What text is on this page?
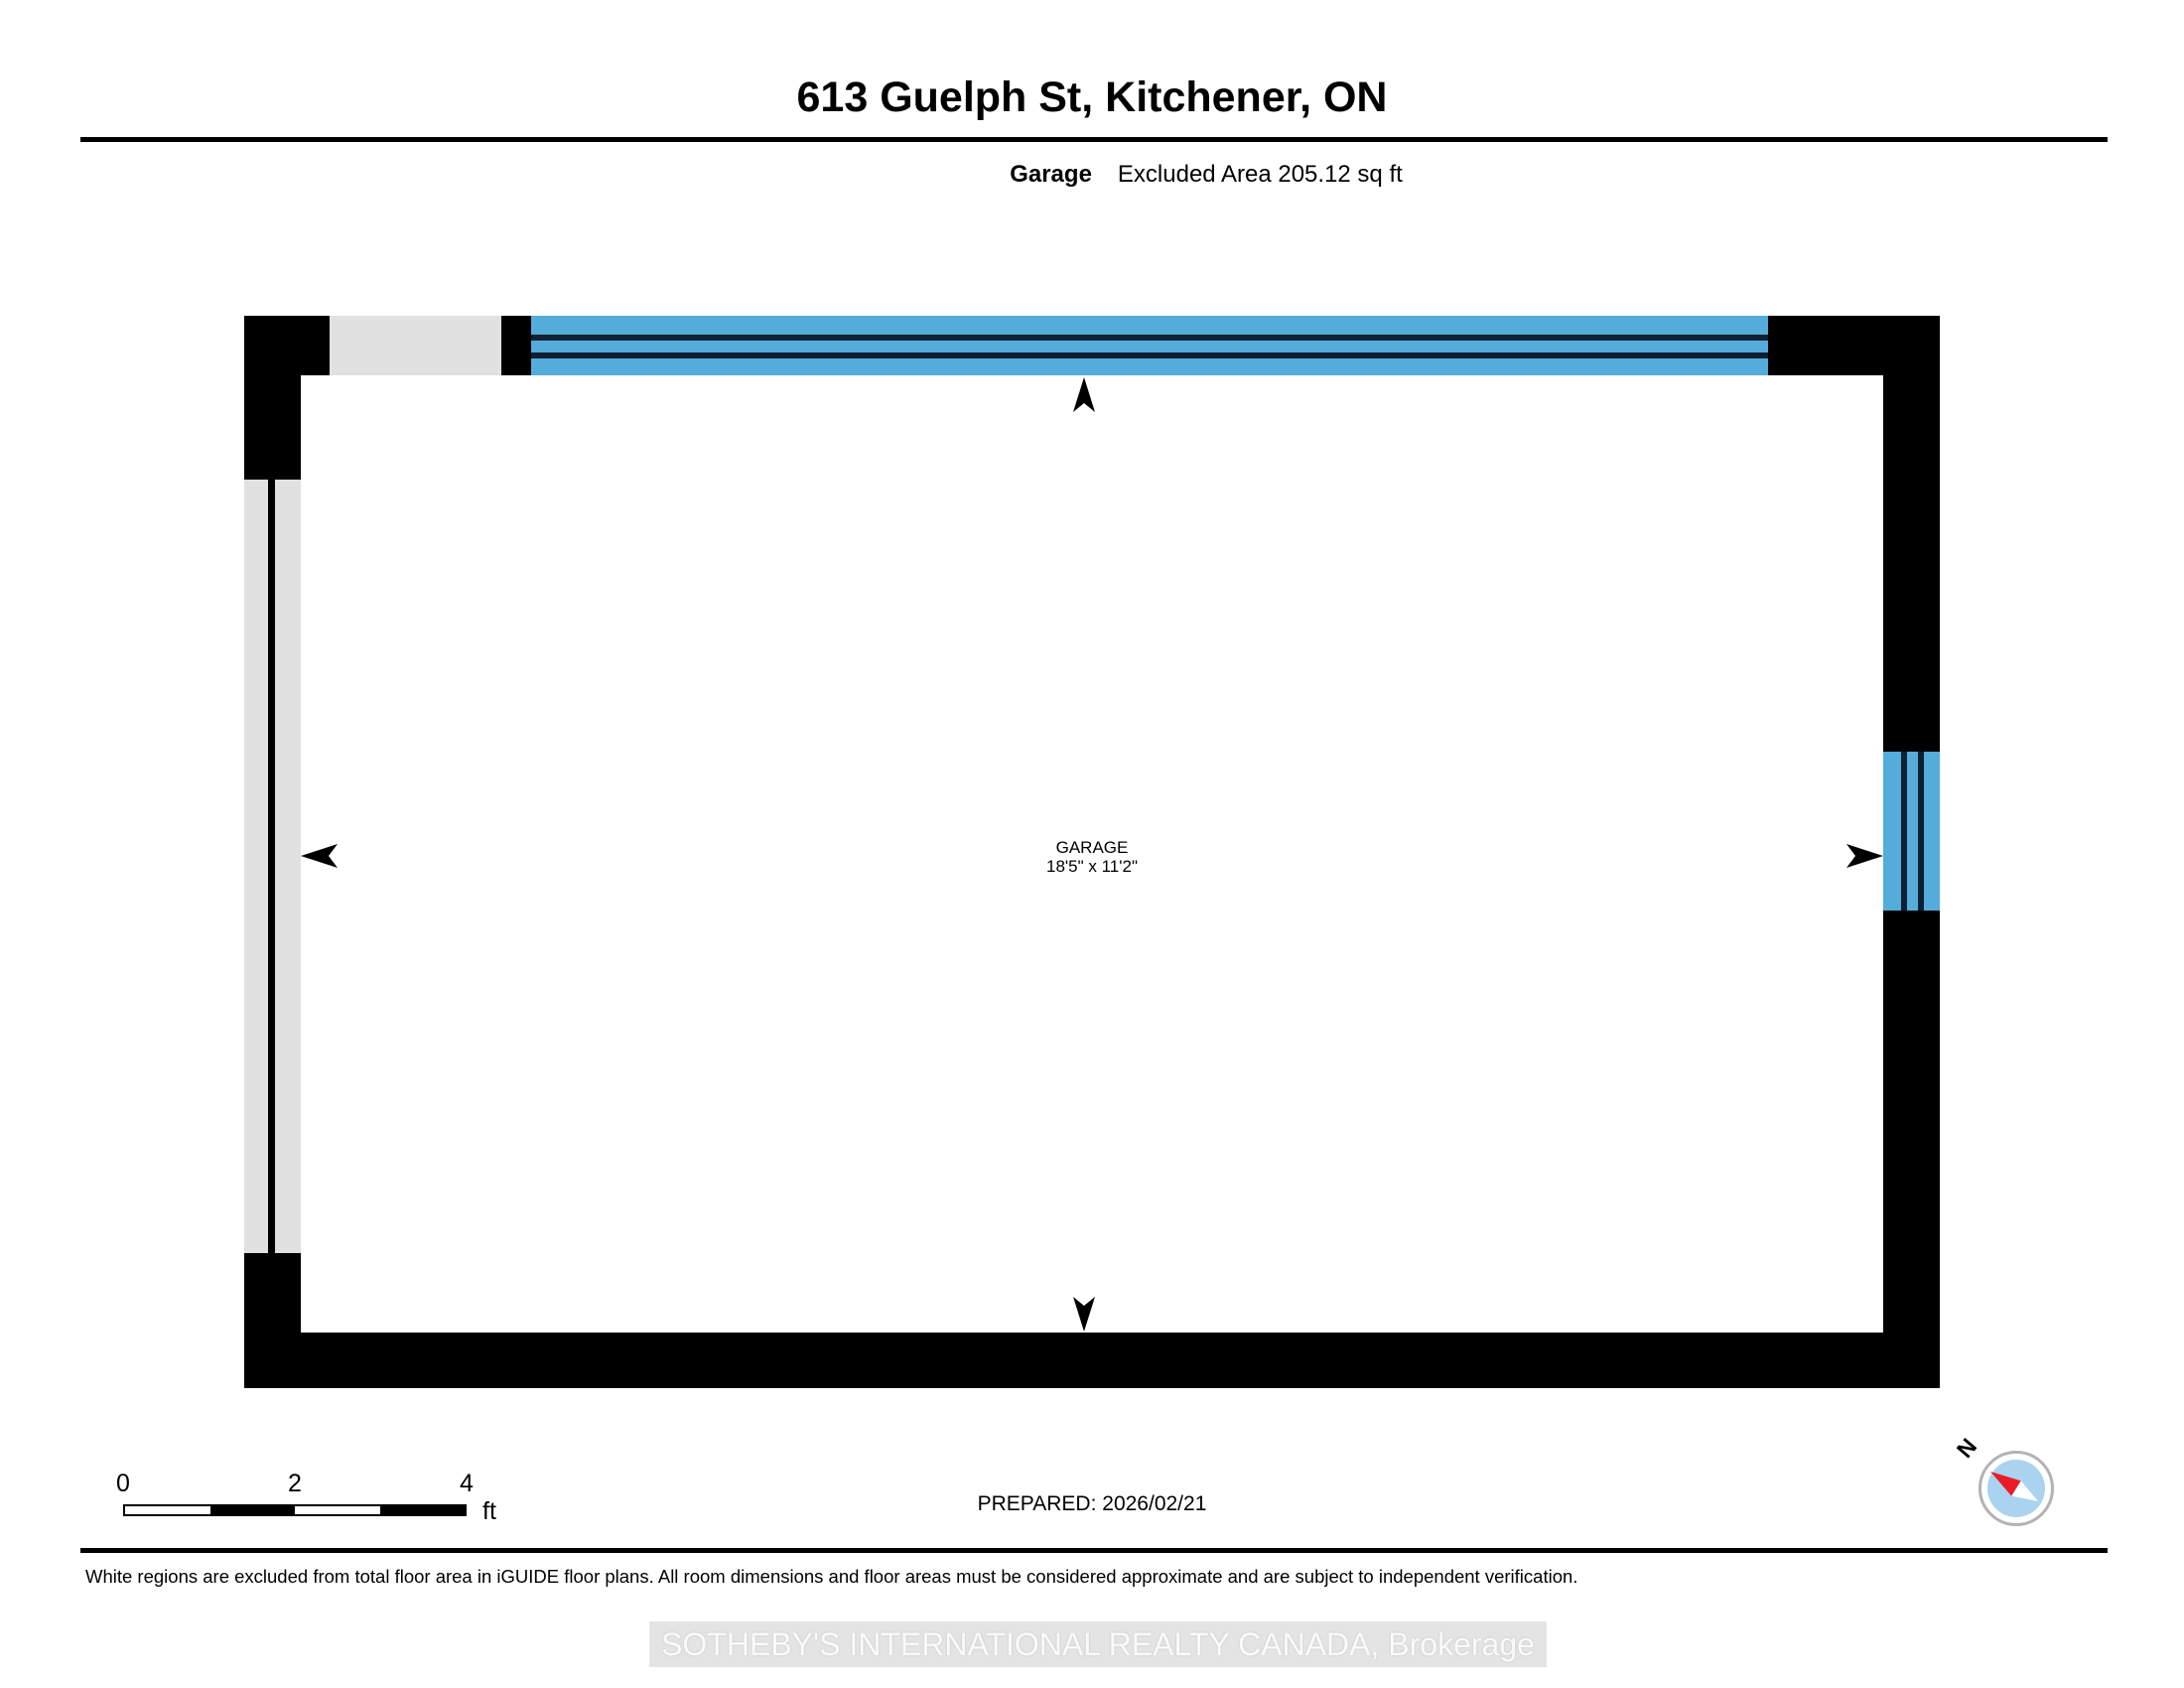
613 Guelph St, Kitchener, ON
Garage Excluded Area 205.12 sq ft
GARAGE
18'5" x 11'2"
0	2	4
ft	PREPARED: 2026/02/21
N
White regions are excluded from total floor area in iGUIDE floor plans. All room dimensions and floor areas must be considered approximate and are subject to independent verification.
SOTHEBY'S INTERNATIONAL REALTY CANADA, Brokerage
